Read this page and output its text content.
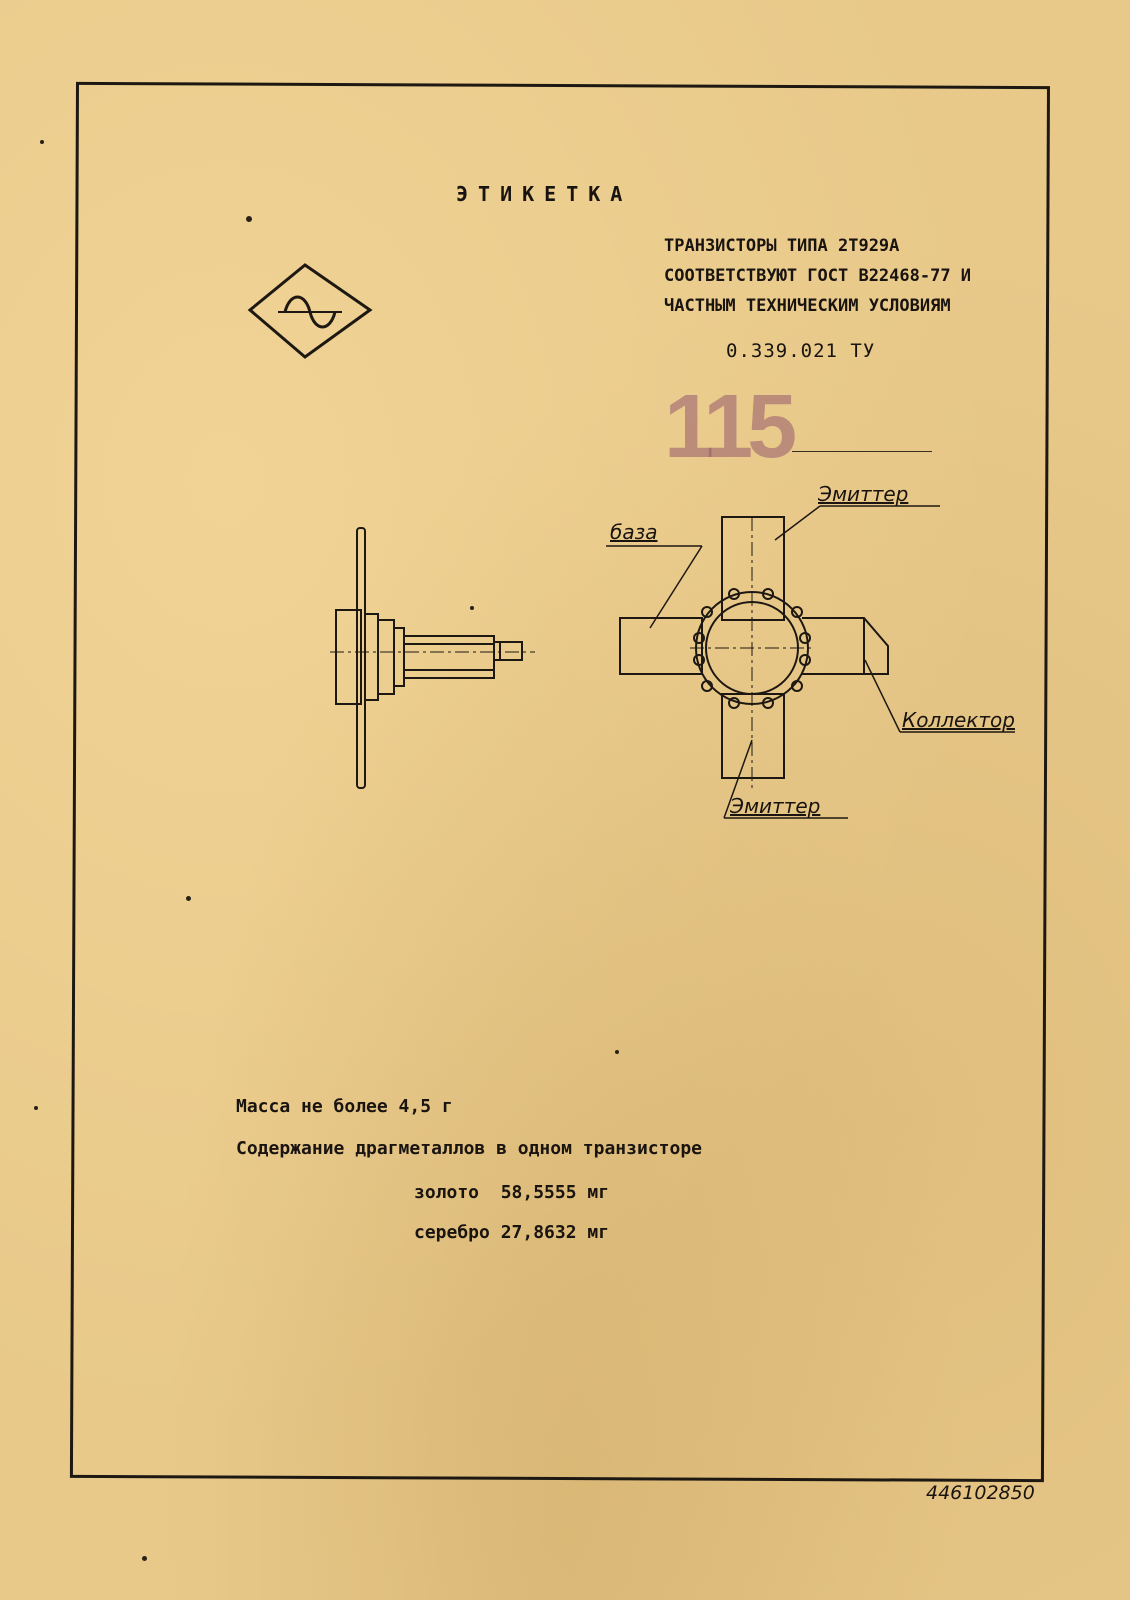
ЭТИКЕТКА
ТРАНЗИСТОРЫ ТИПА 2Т929А
СООТВЕТСТВУЮТ ГОСТ В22468-77 И
ЧАСТНЫМ ТЕХНИЧЕСКИМ УСЛОВИЯМ
0.339.021 ТУ
115
база
Эмиттер
Коллектор
Эмиттер
Масса не более 4,5 г
Содержание драгметаллов в одном транзисторе
золото  58,5555 мг
серебро 27,8632 мг
446102850
